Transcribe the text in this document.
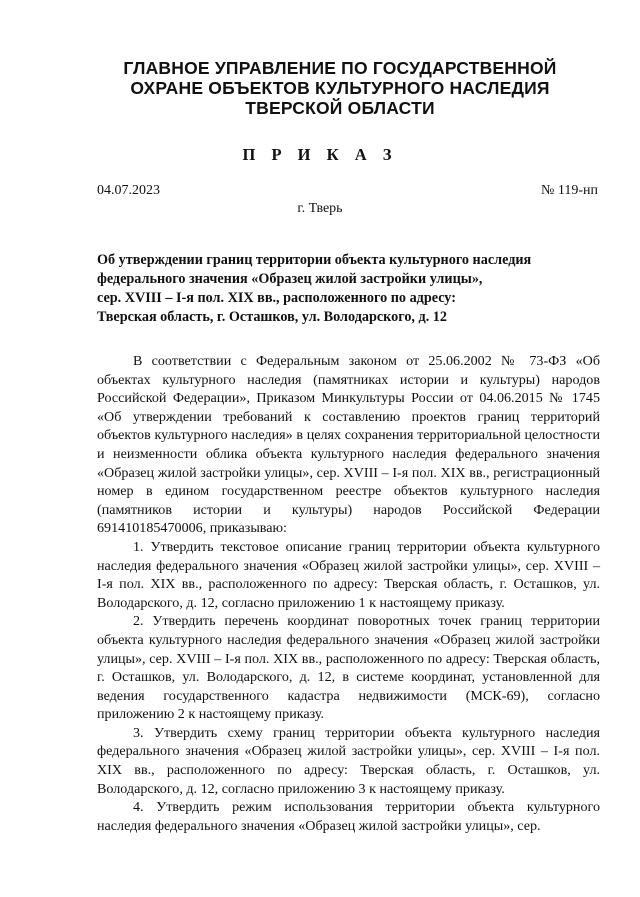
ГЛАВНОЕ УПРАВЛЕНИЕ ПО ГОСУДАРСТВЕННОЙ
ОХРАНЕ ОБЪЕКТОВ КУЛЬТУРНОГО НАСЛЕДИЯ
ТВЕРСКОЙ ОБЛАСТИ
П Р И К А З
04.07.2023	№ 119-нп
г. Тверь
Об утверждении границ территории объекта культурного наследия
федерального значения «Образец жилой застройки улицы»,
сер. XVIII – I-я пол. XIX вв., расположенного по адресу:
Тверская область, г. Осташков, ул. Володарского, д. 12

В соответствии с Федеральным законом от 25.06.2002 № 73-ФЗ «Об объектах культурного наследия (памятниках истории и культуры) народов Российской Федерации», Приказом Минкультуры России от 04.06.2015 № 1745 «Об утверждении требований к составлению проектов границ территорий объектов культурного наследия» в целях сохранения территориальной целостности и неизменности облика объекта культурного наследия федерального значения «Образец жилой застройки улицы», сер. XVIII – I-я пол. XIX вв., регистрационный номер в едином государственном реестре объектов культурного наследия (памятников истории и культуры) народов Российской Федерации 691410185470006, приказываю:

1. Утвердить текстовое описание границ территории объекта культурного наследия федерального значения «Образец жилой застройки улицы», сер. XVIII – I-я пол. XIX вв., расположенного по адресу: Тверская область, г. Осташков, ул. Володарского, д. 12, согласно приложению 1 к настоящему приказу.

2. Утвердить перечень координат поворотных точек границ территории объекта культурного наследия федерального значения «Образец жилой застройки улицы», сер. XVIII – I-я пол. XIX вв., расположенного по адресу: Тверская область, г. Осташков, ул. Володарского, д. 12, в системе координат, установленной для ведения государственного кадастра недвижимости (МСК-69), согласно приложению 2 к настоящему приказу.

3. Утвердить схему границ территории объекта культурного наследия федерального значения «Образец жилой застройки улицы», сер. XVIII – I-я пол. XIX вв., расположенного по адресу: Тверская область, г. Осташков, ул. Володарского, д. 12, согласно приложению 3 к настоящему приказу.

4. Утвердить режим использования территории объекта культурного наследия федерального значения «Образец жилой застройки улицы», сер.
